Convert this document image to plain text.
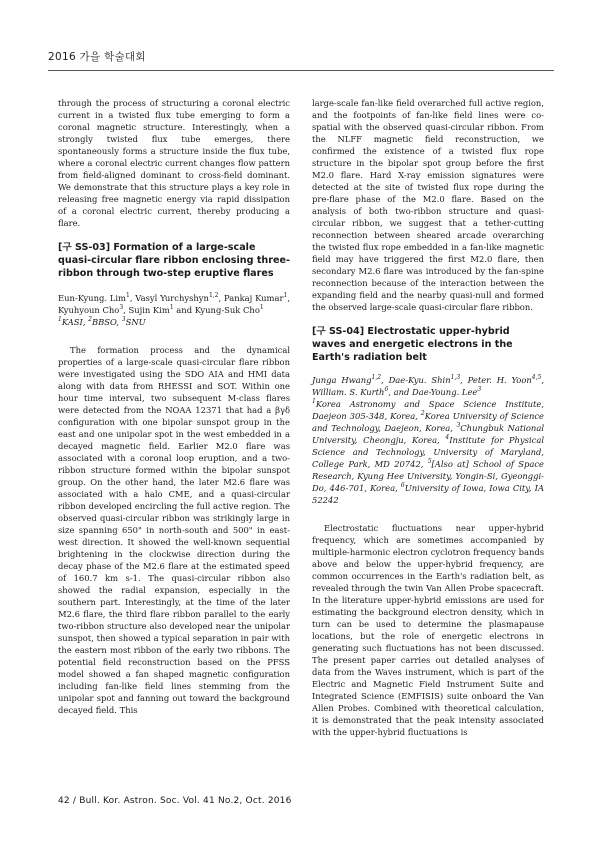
2016 가을 학술대회

through the process of structuring a coronal electric current in a twisted flux tube emerging to form a coronal magnetic structure. Interestingly, when a strongly twisted flux tube emerges, there spontaneously forms a structure inside the flux tube, where a coronal electric current changes flow pattern from field-aligned dominant to cross-field dominant. We demonstrate that this structure plays a key role in releasing free magnetic energy via rapid dissipation of a coronal electric current, thereby producing a flare.

[구 SS-03] Formation of a large-scale quasi-circular flare ribbon enclosing three-ribbon through two-step eruptive flares

Eun-Kyung. Lim$^1$, Vasyl Yurchyshyn$^{1,2}$, Pankaj Kumar$^1$, Kyuhyoun Cho$^3$, Sujin Kim$^1$ and Kyung-Suk Cho$^1$

$^1$KASI, $^2$BBSO, $^3$SNU

The formation process and the dynamical properties of a large-scale quasi-circular flare ribbon were investigated using the SDO AIA and HMI data along with data from RHESSI and SOT. Within one hour time interval, two subsequent M-class flares were detected from the NOAA 12371 that had a βγδ configuration with one bipolar sunspot group in the east and one unipolar spot in the west embedded in a decayed magnetic field. Earlier M2.0 flare was associated with a coronal loop eruption, and a two-ribbon structure formed within the bipolar sunspot group. On the other hand, the later M2.6 flare was associated with a halo CME, and a quasi-circular ribbon developed encircling the full active region. The observed quasi-circular ribbon was strikingly large in size spanning 650" in north-south and 500" in east-west direction. It showed the well-known sequential brightening in the clockwise direction during the decay phase of the M2.6 flare at the estimated speed of 160.7 km s-1. The quasi-circular ribbon also showed the radial expansion, especially in the southern part. Interestingly, at the time of the later M2.6 flare, the third flare ribbon parallel to the early two-ribbon structure also developed near the unipolar sunspot, then showed a typical separation in pair with the eastern most ribbon of the early two ribbons. The potential field reconstruction based on the PFSS model showed a fan shaped magnetic configuration including fan-like field lines stemming from the unipolar spot and fanning out toward the background decayed field. This

large-scale fan-like field overarched full active region, and the footpoints of fan-like field lines were co-spatial with the observed quasi-circular ribbon. From the NLFF magnetic field reconstruction, we confirmed the existence of a twisted flux rope structure in the bipolar spot group before the first M2.0 flare. Hard X-ray emission signatures were detected at the site of twisted flux rope during the pre-flare phase of the M2.0 flare. Based on the analysis of both two-ribbon structure and quasi-circular ribbon, we suggest that a tether-cutting reconnection between sheared arcade overarching the twisted flux rope embedded in a fan-like magnetic field may have triggered the first M2.0 flare, then secondary M2.6 flare was introduced by the fan-spine reconnection because of the interaction between the expanding field and the nearby quasi-null and formed the observed large-scale quasi-circular flare ribbon.

[구 SS-04] Electrostatic upper-hybrid waves and energetic electrons in the Earth's radiation belt

Junga Hwang$^{1,2}$, Dae-Kyu. Shin$^{1,3}$, Peter. H. Yoon$^{4,5}$, William. S. Kurth$^6$, and Dae-Young. Lee$^3$

$^1$Korea Astronomy and Space Science Institute, Daejeon 305-348, Korea, $^2$Korea University of Science and Technology, Daejeon, Korea, $^3$Chungbuk National University, Cheongju, Korea, $^4$Institute for Physical Science and Technology, University of Maryland, College Park, MD 20742, $^5$[Also at] School of Space Research, Kyung Hee University, Yongin-Si, Gyeonggi-Do, 446-701, Korea, $^6$University of Iowa, Iowa City, IA 52242

Electrostatic fluctuations near upper-hybrid frequency, which are sometimes accompanied by multiple-harmonic electron cyclotron frequency bands above and below the upper-hybrid frequency, are common occurrences in the Earth's radiation belt, as revealed through the twin Van Allen Probe spacecraft. In the literature upper-hybrid emissions are used for estimating the background electron density, which in turn can be used to determine the plasmapause locations, but the role of energetic electrons in generating such fluctuations has not been discussed. The present paper carries out detailed analyses of data from the Waves instrument, which is part of the Electric and Magnetic Field Instrument Suite and Integrated Science (EMFISIS) suite onboard the Van Allen Probes. Combined with theoretical calculation, it is demonstrated that the peak intensity associated with the upper-hybrid fluctuations is

42 / Bull. Kor. Astron. Soc. Vol. 41 No.2, Oct. 2016
